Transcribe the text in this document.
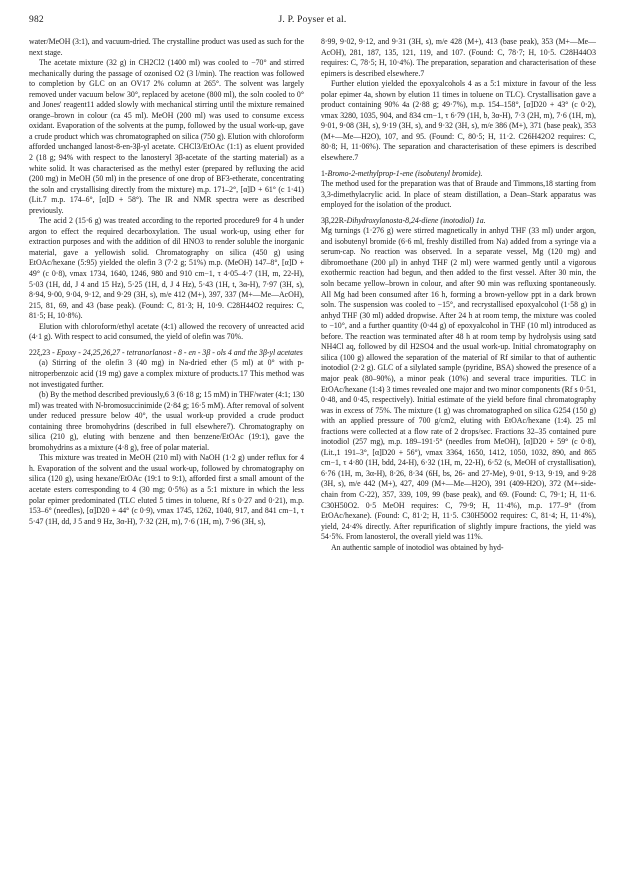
982	J. P. Poyser et al.

water/MeOH (3:1), and vacuum-dried. The crystalline product was used as such for the next stage.

The acetate mixture (32 g) in CH2Cl2 (1400 ml) was cooled to −70° and stirred mechanically during the passage of ozonised O2 (3 l/min). The reaction was followed to completion by GLC on an OV17 2% column at 265°. The solvent was largely removed under vacuum below 30°, replaced by acetone (800 ml), the soln cooled to 0° and Jones' reagent11 added slowly with mechanical stirring until the mixture remained orange–brown in colour (ca 45 ml). MeOH (200 ml) was used to consume excess oxidant. Evaporation of the solvents at the pump, followed by the usual work-up, gave a crude product which was chromatographed on silica (750 g). Elution with chloroform afforded unchanged lanost-8-en-3β-yl acetate. CHCl3/EtOAc (1:1) as eluent provided 2 (18 g; 94% with respect to the lanosteryl 3β-acetate of the starting material) as a white solid. It was characterised as the methyl ester (prepared by refluxing the acid (200 mg) in MeOH (50 ml) in the presence of one drop of BF3-etherate, concentrating the soln and crystallising directly from the mixture) m.p. 171–2°, [α]D + 61° (c 1·41) (Lit.7 m.p. 174–6°, [α]D + 58°). The IR and NMR spectra were as described previously.

The acid 2 (15·6 g) was treated according to the reported procedure9 for 4 h under argon to effect the required decarboxylation. The usual work-up, using ether for extraction purposes and with the addition of dil HNO3 to render soluble the inorganic material, gave a yellowish solid. Chromatography on silica (450 g) using EtOAc/hexane (5:95) yielded the olefin 3 (7·2 g; 51%) m.p. (MeOH) 147–8°, [α]D + 49° (c 0·8), νmax 1734, 1640, 1246, 980 and 910 cm−1, τ 4·05–4·7 (1H, m, 22-H), 5·03 (1H, dd, J 4 and 15 Hz), 5·25 (1H, d, J 4 Hz), 5·43 (1H, t, 3α-H), 7·97 (3H, s), 8·94, 9·00, 9·04, 9·12, and 9·29 (3H, s), m/e 412 (M+), 397, 337 (M+—Me—AcOH), 215, 81, 69, and 43 (base peak). (Found: C, 81·3; H, 10·9. C28H44O2 requires: C, 81·5; H, 10·8%).

Elution with chloroform/ethyl acetate (4:1) allowed the recovery of unreacted acid (4·1 g). With respect to acid consumed, the yield of olefin was 70%.

22ξ,23 - Epoxy - 24,25,26,27 - tetranorlanost - 8 - en - 3β - ols 4 and the 3β-yl acetates

(a) Stirring of the olefin 3 (40 mg) in Na-dried ether (5 ml) at 0° with p-nitroperbenzoic acid (19 mg) gave a complex mixture of products.17 This method was not investigated further.

(b) By the method described previously,6 3 (6·18 g; 15 mM) in THF/water (4:1; 130 ml) was treated with N-bromosuccinimide (2·84 g; 16·5 mM). After removal of solvent under reduced pressure below 40°, the usual work-up provided a crude product containing three bromohydrins (described in full elsewhere7). Chromatography on silica (210 g), eluting with benzene and then benzene/EtOAc (19:1), gave the bromohydrins as a mixture (4·8 g), free of polar material.

This mixture was treated in MeOH (210 ml) with NaOH (1·2 g) under reflux for 4 h. Evaporation of the solvent and the usual work-up, followed by chromatography on silica (120 g), using hexane/EtOAc (19:1 to 9:1), afforded first a small amount of the acetate esters corresponding to 4 (30 mg; 0·5%) as a 5:1 mixture in which the less polar epimer predominated (TLC eluted 5 times in toluene, Rf s 0·27 and 0·21), m.p. 153–6° (needles), [α]D20 + 44° (c 0·9), νmax 1745, 1262, 1040, 917, and 841 cm−1, τ 5·47 (1H, dd, J 5 and 9 Hz, 3α-H), 7·32 (2H, m), 7·6 (1H, m), 7·96 (3H, s),

8·99, 9·02, 9·12, and 9·31 (3H, s), m/e 428 (M+), 413 (base peak), 353 (M+—Me—AcOH), 281, 187, 135, 121, 119, and 107. (Found: C, 78·7; H, 10·5. C28H44O3 requires: C, 78·5; H, 10·4%). The preparation, separation and characterisation of these epimers is described elsewhere.7

Further elution yielded the epoxyalcohols 4 as a 5:1 mixture in favour of the less polar epimer 4a, shown by elution 11 times in toluene on TLC). Crystallisation gave a product containing 90% 4a (2·88 g; 49·7%), m.p. 154–158°, [α]D20 + 43° (c 0·2), νmax 3280, 1035, 904, and 834 cm−1, τ 6·79 (1H, b, 3α-H), 7·3 (2H, m), 7·6 (1H, m), 9·01, 9·08 (3H, s), 9·19 (3H, s), and 9·32 (3H, s), m/e 386 (M+), 371 (base peak), 353 (M+—Me—H2O), 107, and 95. (Found: C, 80·5; H, 11·2. C26H42O2 requires: C, 80·8; H, 11·06%). The separation and characterisation of these epimers is described elsewhere.7

1-Bromo-2-methylprop-1-ene (isobutenyl bromide).

The method used for the preparation was that of Braude and Timmons,18 starting from 3,3-dimethylacrylic acid. In place of steam distillation, a Dean–Stark apparatus was employed for the isolation of the product.

3β,22R-Dihydroxylanosta-8,24-diene (inotodiol) 1a.

Mg turnings (1·276 g) were stirred magnetically in anhyd THF (33 ml) under argon, and isobutenyl bromide (6·6 ml, freshly distilled from Na) added from a syringe via a serum-cap. No reaction was observed. In a separate vessel, Mg (120 mg) and dibromoethane (200 μl) in anhyd THF (2 ml) were warmed gently until a vigorous exothermic reaction had begun, and then added to the first vessel. After 30 min, the soln became yellow–brown in colour, and after 90 min was refluxing spontaneously. All Mg had been consumed after 16 h, forming a brown-yellow ppt in a dark brown soln. The suspension was cooled to −15°, and recrystallised epoxyalcohol (1·58 g) in anhyd THF (30 ml) added dropwise. After 24 h at room temp, the mixture was cooled to −10°, and a further quantity (0·44 g) of epoxyalcohol in THF (10 ml) introduced as before. The reaction was terminated after 48 h at room temp by hydrolysis using satd NH4Cl aq, followed by dil H2SO4 and the usual work-up. Initial chromatography on silica (100 g) allowed the separation of the material of Rf similar to that of authentic inotodiol (2·2 g). GLC of a silylated sample (pyridine, BSA) showed the presence of a major peak (80–90%), a minor peak (10%) and several trace impurities. TLC in EtOAc/hexane (1:4) 3 times revealed one major and two minor components (Rf s 0·51, 0·48, and 0·45, respectively). Initial estimate of the yield before final chromatography was in excess of 75%. The mixture (1 g) was chromatographed on silica G254 (150 g) with an applied pressure of 700 g/cm2, eluting with EtOAc/hexane (1:4). 25 ml fractions were collected at a flow rate of 2 drops/sec. Fractions 32–35 contained pure inotodiol (257 mg), m.p. 189–191·5° (needles from MeOH), [α]D20 + 59° (c 0·8), (Lit.,1 191–3°, [α]D20 + 56°), νmax 3364, 1650, 1412, 1050, 1032, 890, and 865 cm−1, τ 4·80 (1H, bdd, 24-H), 6·32 (1H, m, 22-H), 6·52 (s, MeOH of crystallisation), 6·76 (1H, m, 3α-H), 8·26, 8·34 (6H, bs, 26- and 27-Me), 9·01, 9·13, 9·19, and 9·28 (3H, s), m/e 442 (M+), 427, 409 (M+—Me—H2O), 391 (409-H2O), 372 (M+-side-chain from C-22), 357, 339, 109, 99 (base peak), and 69. (Found: C, 79·1; H, 11·6. C30H50O2. 0·5 MeOH requires: C, 79·9; H, 11·4%), m.p. 177–9° (from EtOAc/hexane). (Found: C, 81·2; H, 11·5. C30H50O2 requires: C, 81·4; H, 11·4%), yield, 24·4% directly. After repurification of slightly impure fractions, the yield was 54·5%. From lanosterol, the overall yield was 11%.

An authentic sample of inotodiol was obtained by hyd-
